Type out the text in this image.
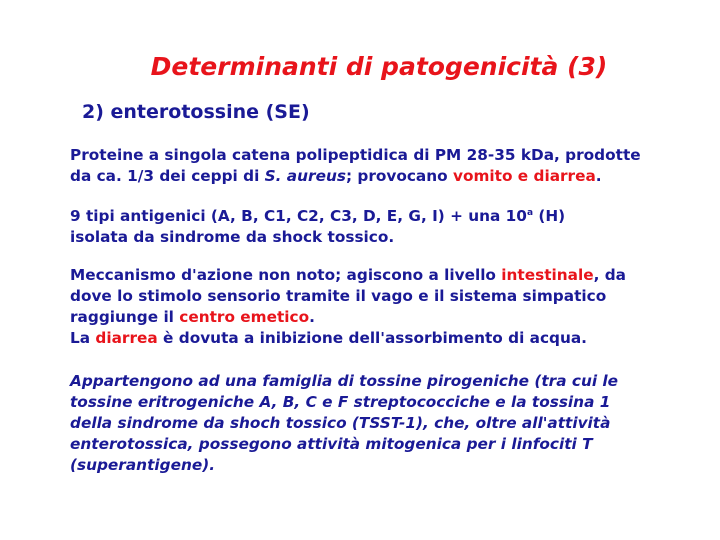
Determinanti di patogenicità (3)
2) enterotossine (SE)
Proteine a singola catena polipeptidica di PM 28-35 kDa, prodotte
da ca. 1/3 dei ceppi di S. aureus; provocano vomito e diarrea.
9 tipi antigenici (A, B, C1, C2, C3, D, E, G, I) + una 10$^a$ (H)
isolata da sindrome da shock tossico.
Meccanismo d'azione non noto; agiscono a livello intestinale, da
dove lo stimolo sensorio tramite il vago e il sistema simpatico
raggiunge il centro emetico.
La diarrea è dovuta a inibizione dell'assorbimento di acqua.
Appartengono ad una famiglia di tossine pirogeniche (tra cui le
tossine eritrogeniche A, B, C e F streptococciche e la tossina 1
della sindrome da shoch tossico (TSST-1), che, oltre all'attività
enterotossica, possegono attività mitogenica per i linfociti T
(superantigene).
